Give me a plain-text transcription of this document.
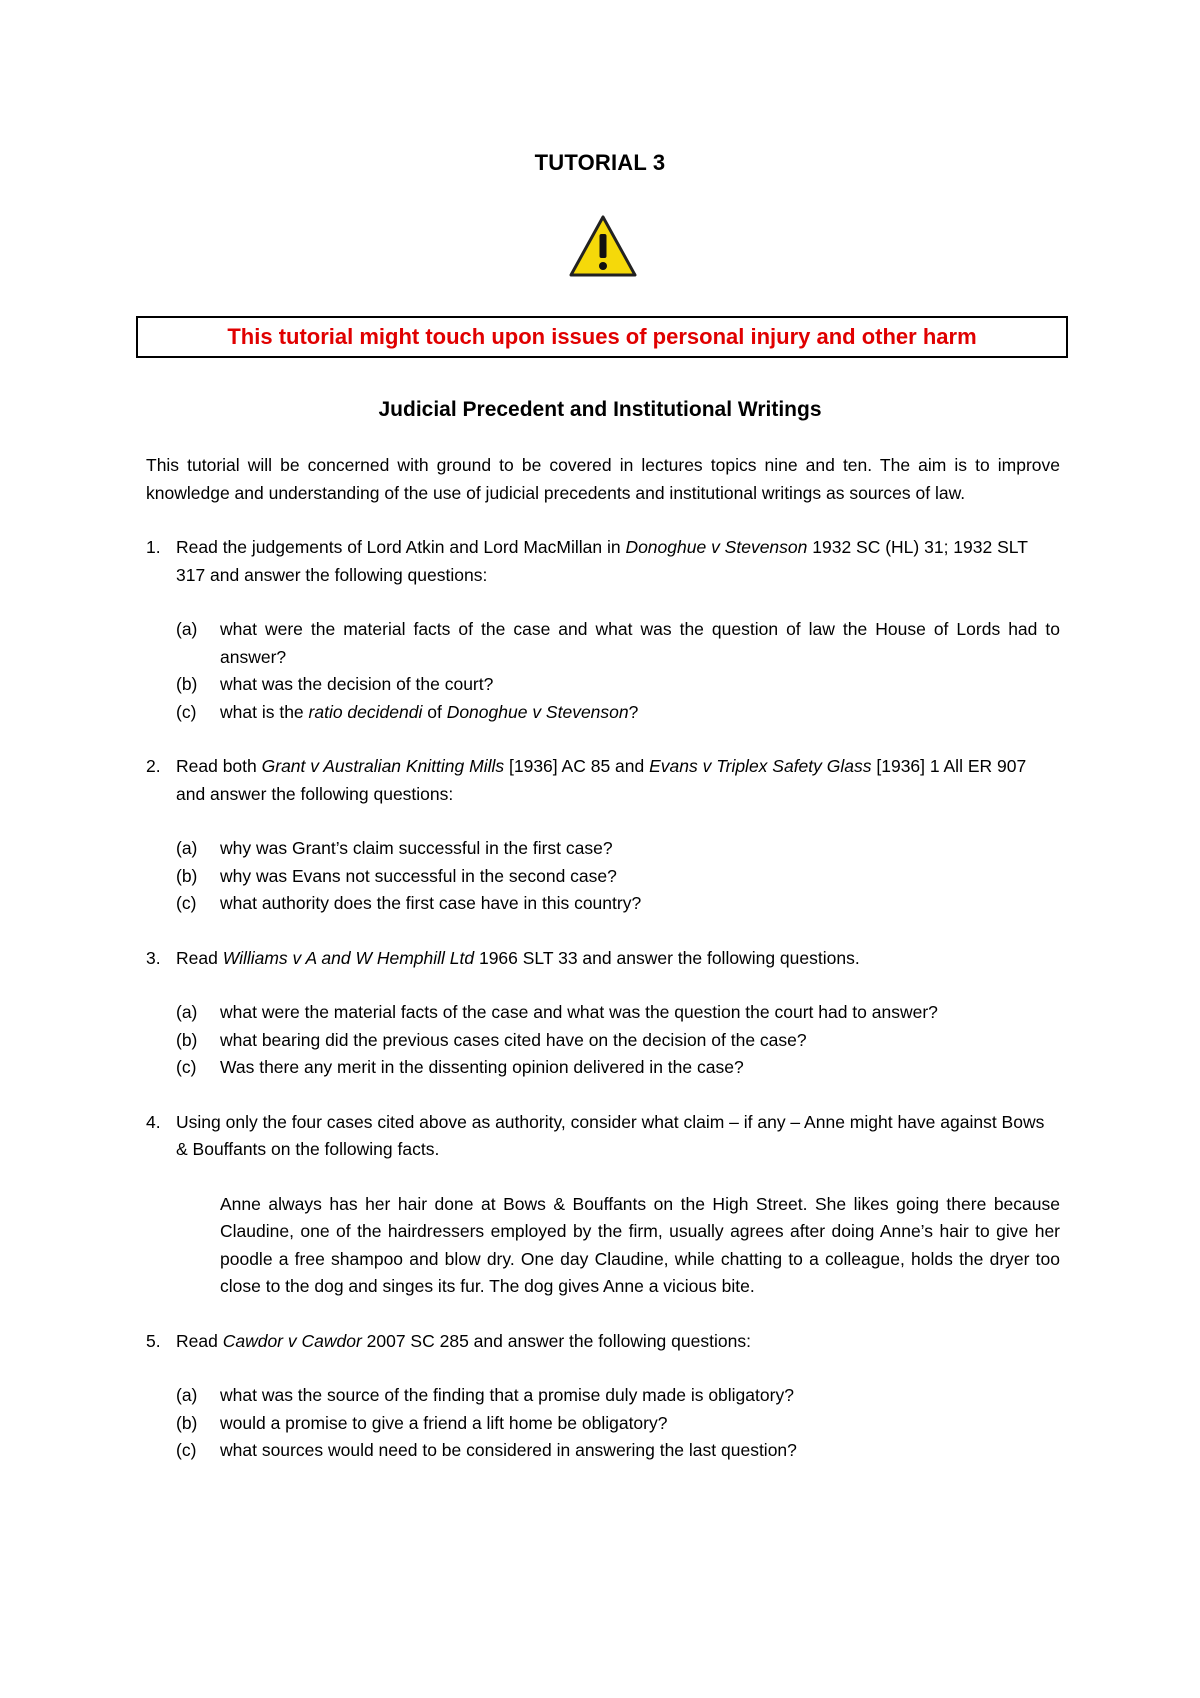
TUTORIAL 3
This tutorial might touch upon issues of personal injury and other harm
Judicial Precedent and Institutional Writings

This tutorial will be concerned with ground to be covered in lectures topics nine and ten. The aim is to improve knowledge and understanding of the use of judicial precedents and institutional writings as sources of law.

1. Read the judgements of Lord Atkin and Lord MacMillan in Donoghue v Stevenson 1932 SC (HL) 31; 1932 SLT 317 and answer the following questions:
(a)	what were the material facts of the case and what was the question of law the House of Lords had to answer?
(b)	what was the decision of the court?
(c)	what is the ratio decidendi of Donoghue v Stevenson?
2. Read both Grant v Australian Knitting Mills [1936] AC 85 and Evans v Triplex Safety Glass [1936] 1 All ER 907 and answer the following questions:
(a)	why was Grant’s claim successful in the first case?
(b)	why was Evans not successful in the second case?
(c)	what authority does the first case have in this country?
3. Read Williams v A and W Hemphill Ltd 1966 SLT 33 and answer the following questions.
(a)	what were the material facts of the case and what was the question the court had to answer?
(b)	what bearing did the previous cases cited have on the decision of the case?
(c)	Was there any merit in the dissenting opinion delivered in the case?
4. Using only the four cases cited above as authority, consider what claim – if any – Anne might have against Bows & Bouffants on the following facts.

Anne always has her hair done at Bows & Bouffants on the High Street. She likes going there because Claudine, one of the hairdressers employed by the firm, usually agrees after doing Anne’s hair to give her poodle a free shampoo and blow dry. One day Claudine, while chatting to a colleague, holds the dryer too close to the dog and singes its fur. The dog gives Anne a vicious bite.

5. Read Cawdor v Cawdor 2007 SC 285 and answer the following questions:
(a)	what was the source of the finding that a promise duly made is obligatory?
(b)	would a promise to give a friend a lift home be obligatory?
(c)	what sources would need to be considered in answering the last question?
